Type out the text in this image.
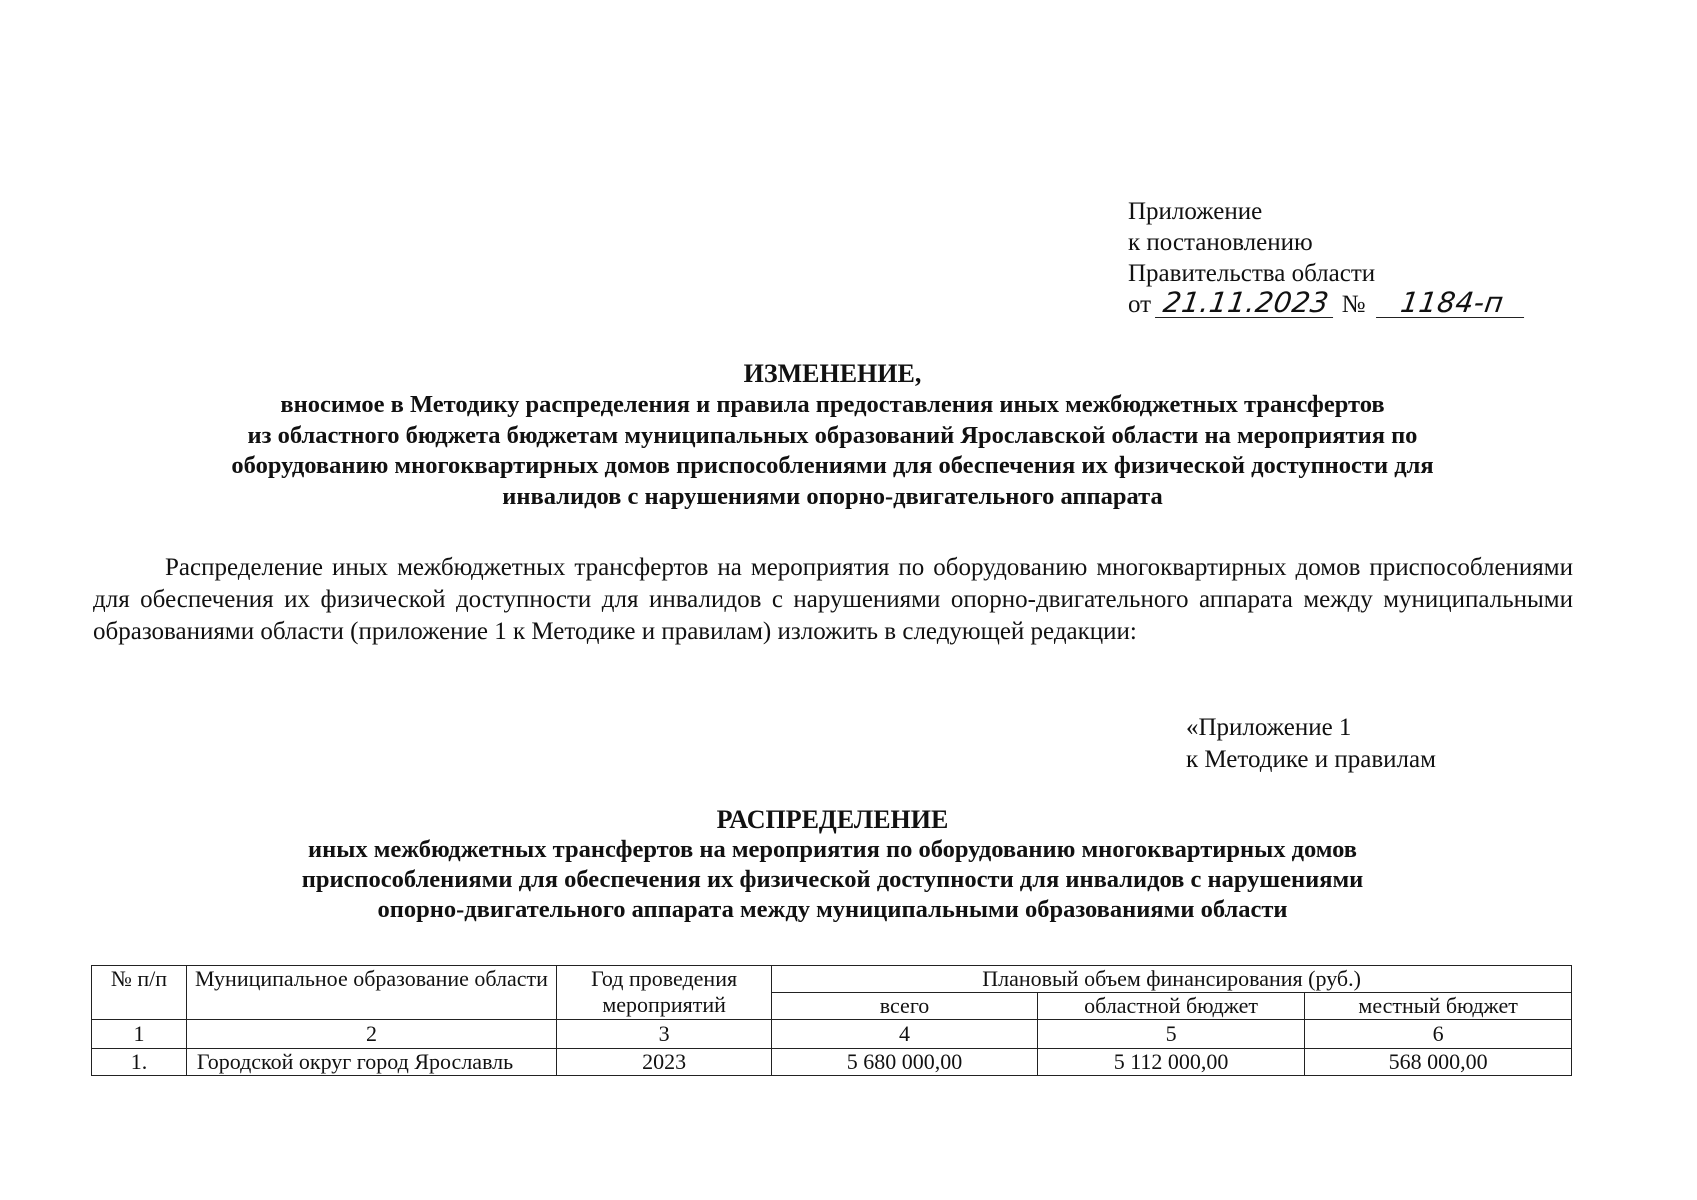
Приложение
к постановлению
Правительства области
от 21.11.2023 № 1184-п
ИЗМЕНЕНИЕ,
вносимое в Методику распределения и правила предоставления иных межбюджетных трансфертов
из областного бюджета бюджетам муниципальных образований Ярославской области на мероприятия по
оборудованию многоквартирных домов приспособлениями для обеспечения их физической доступности для
инвалидов с нарушениями опорно-двигательного аппарата
Распределение иных межбюджетных трансфертов на мероприятия по оборудованию многоквартирных домов приспособлениями для обеспечения их физической доступности для инвалидов с нарушениями опорно-двигательного аппарата между муниципальными образованиями области (приложение 1 к Методике и правилам) изложить в следующей редакции:
«Приложение 1
к Методике и правилам
РАСПРЕДЕЛЕНИЕ
иных межбюджетных трансфертов на мероприятия по оборудованию многоквартирных домов
приспособлениями для обеспечения их физической доступности для инвалидов с нарушениями
опорно-двигательного аппарата между муниципальными образованиями области
№ п/п	Муниципальное образование области	Год проведения мероприятий	Плановый объем финансирования (руб.)		
			всего	областной бюджет	местный бюджет
1	2	3	4	5	6
1.	Городской округ город Ярославль	2023	5 680 000,00	5 112 000,00	568 000,00
